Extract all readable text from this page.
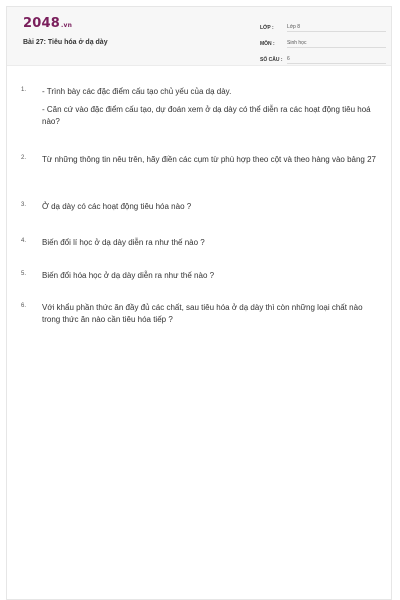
2048.vn
Bài 27: Tiêu hóa ở dạ dày
LỚP :	Lớp 8
MÔN :	Sinh học
SỐ CÂU : 6
1. - Trình bày các đặc điểm cấu tạo chủ yếu của dạ dày.

- Căn cứ vào đặc điểm cấu tạo, dự đoán xem ở dạ dày có thể diễn ra các hoạt động tiêu hoá nào?

2. Từ những thông tin nêu trên, hãy điền các cụm từ phù hợp theo cột và theo hàng vào bảng 27

3. Ở dạ dày có các hoạt động tiêu hóa nào ?

4. Biến đổi lí học ở dạ dày diễn ra như thế nào ?

5. Biến đổi hóa học ở dạ dày diễn ra như thế nào ?

6. Với khẩu phần thức ăn đầy đủ các chất, sau tiêu hóa ở dạ dày thì còn những loại chất nào trong thức ăn nào cần tiêu hóa tiếp ?
